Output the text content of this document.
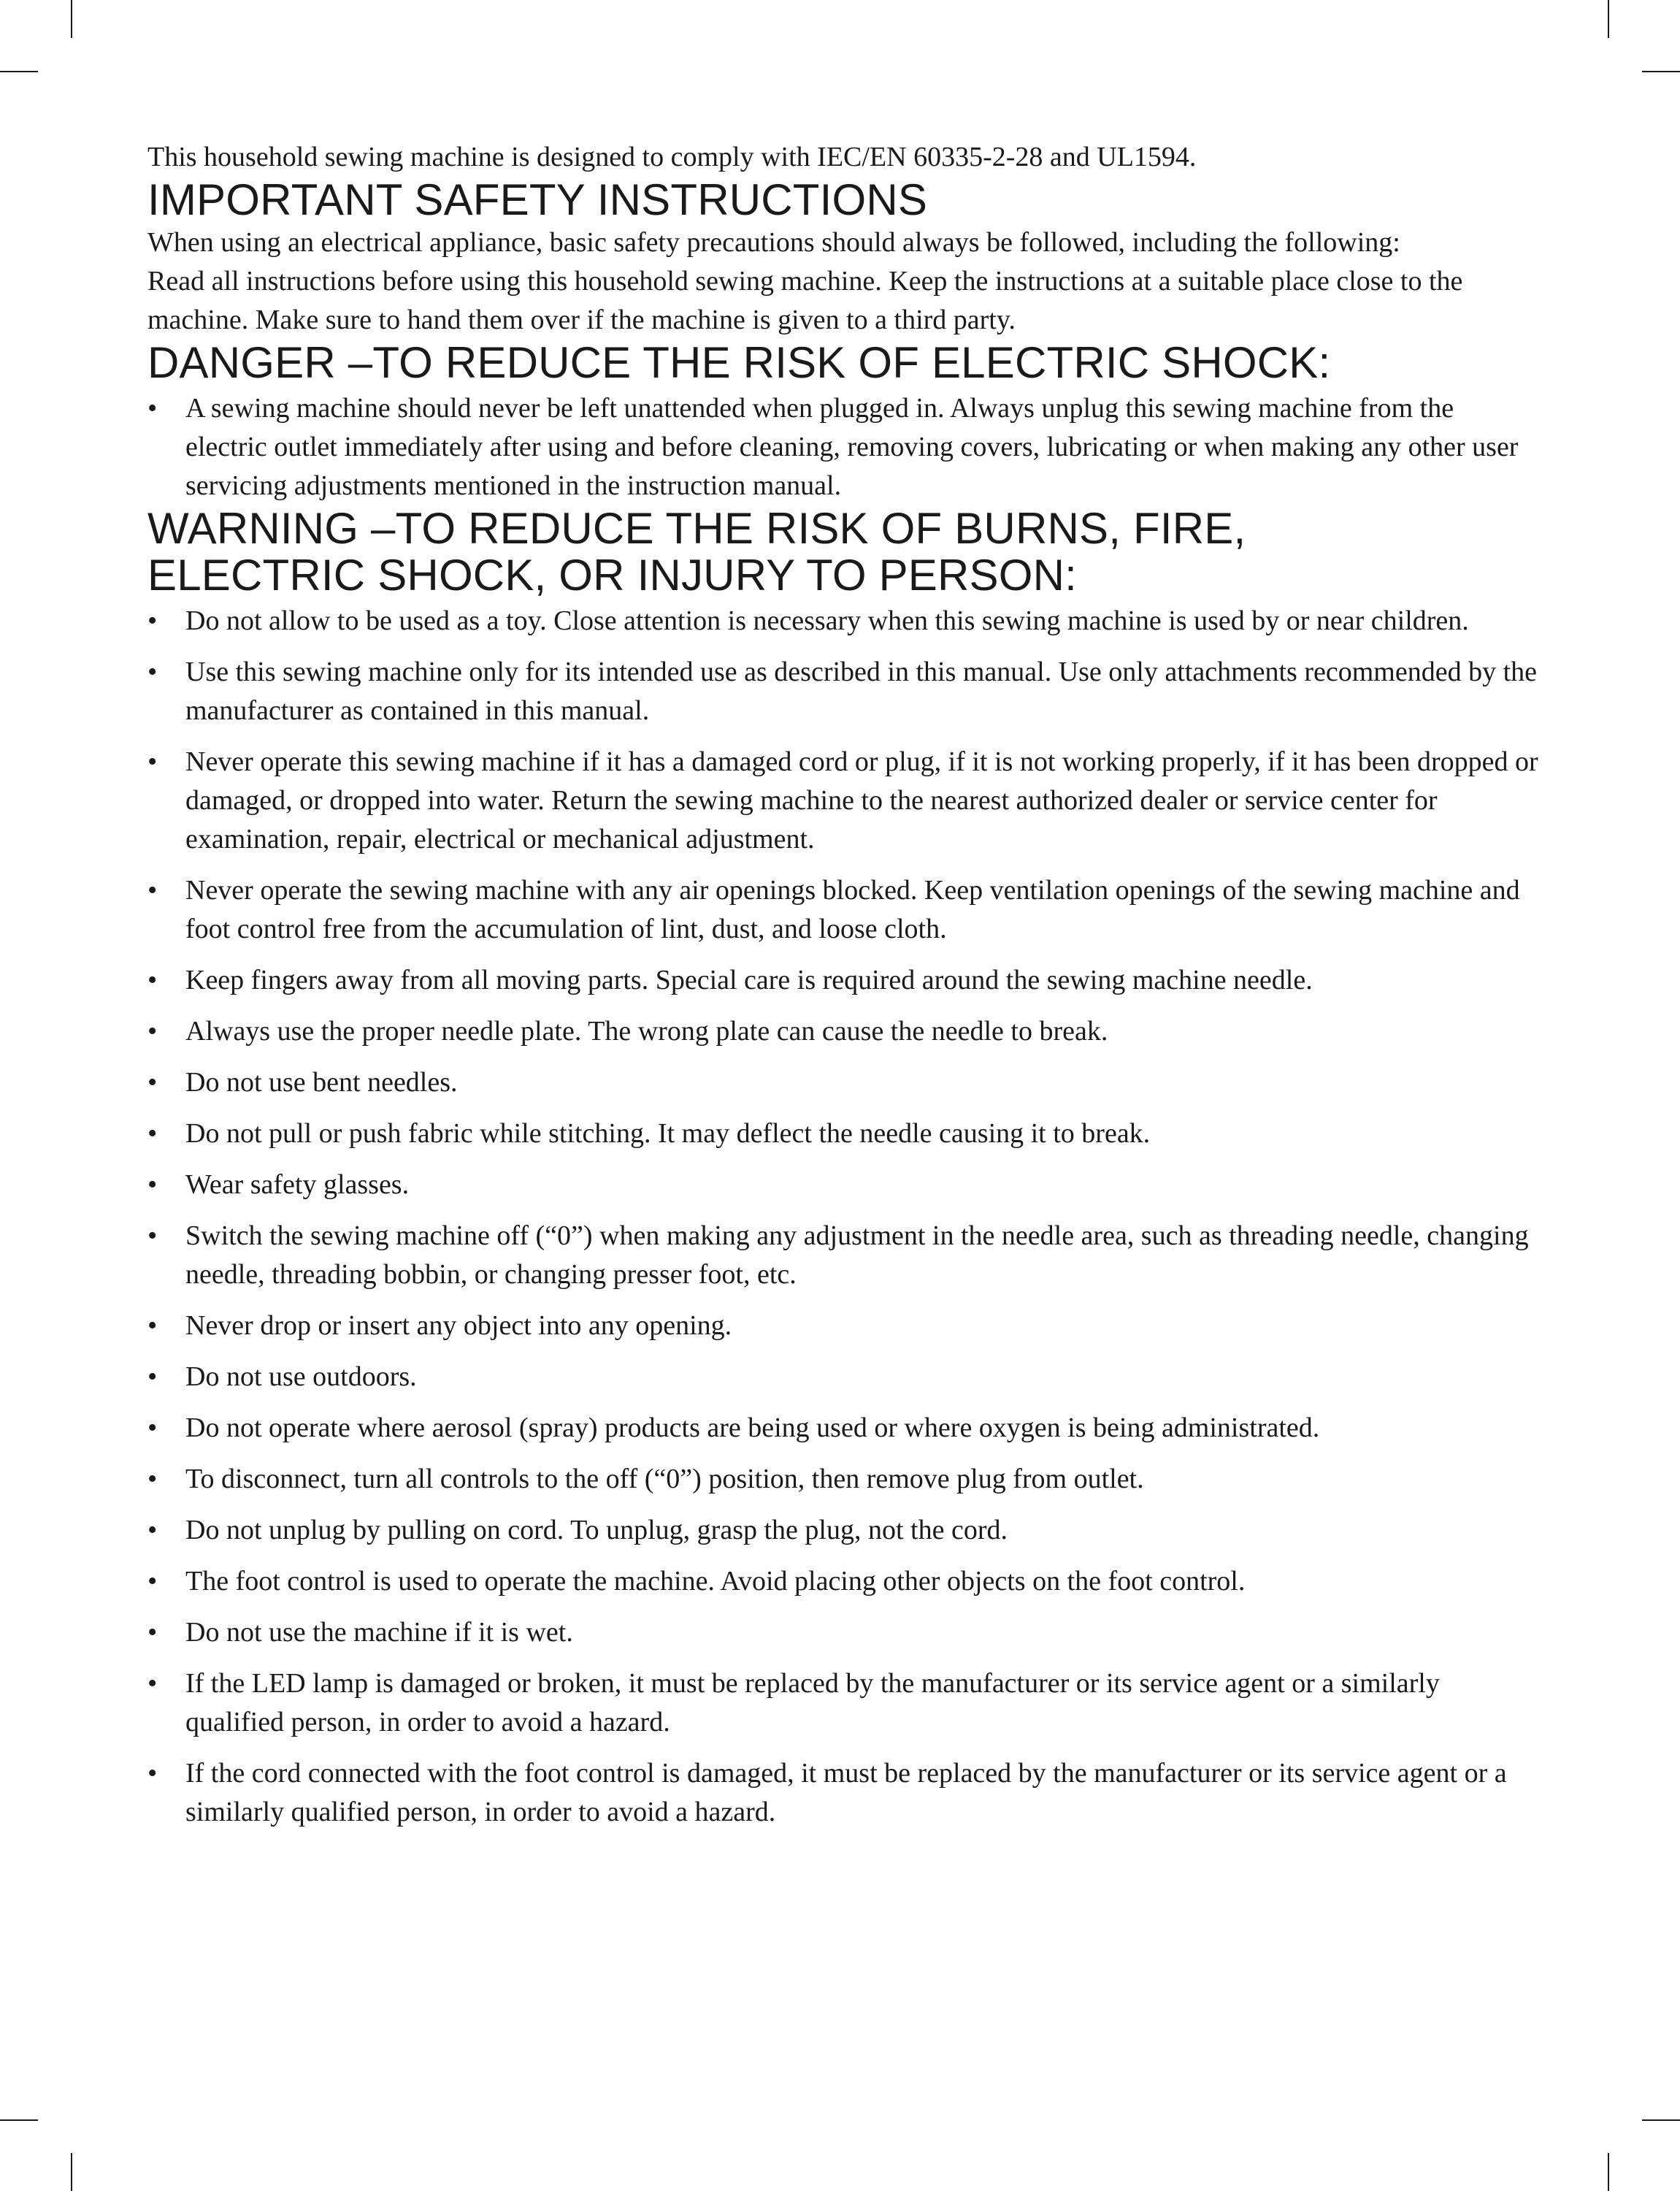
This household sewing machine is designed to comply with IEC/EN 60335-2-28 and UL1594.

IMPORTANT SAFETY INSTRUCTIONS

When using an electrical appliance, basic safety precautions should always be followed, including the following:

Read all instructions before using this household sewing machine. Keep the instructions at a suitable place close to the machine. Make sure to hand them over if the machine is given to a third party.

DANGER –TO REDUCE THE RISK OF ELECTRIC SHOCK:
•	A sewing machine should never be left unattended when plugged in. Always unplug this sewing machine from the electric outlet immediately after using and before cleaning, removing covers, lubricating or when making any other user servicing adjustments mentioned in the instruction manual.
WARNING –TO REDUCE THE RISK OF BURNS, FIRE,
ELECTRIC SHOCK, OR INJURY TO PERSON:
•	Do not allow to be used as a toy. Close attention is necessary when this sewing machine is used by or near children.
•	Use this sewing machine only for its intended use as described in this manual. Use only attachments recommended by the manufacturer as contained in this manual.
•	Never operate this sewing machine if it has a damaged cord or plug, if it is not working properly, if it has been dropped or damaged, or dropped into water. Return the sewing machine to the nearest authorized dealer or service center for examination, repair, electrical or mechanical adjustment.
•	Never operate the sewing machine with any air openings blocked. Keep ventilation openings of the sewing machine and foot control free from the accumulation of lint, dust, and loose cloth.
•	Keep fingers away from all moving parts. Special care is required around the sewing machine needle.
•	Always use the proper needle plate. The wrong plate can cause the needle to break.
•	Do not use bent needles.
•	Do not pull or push fabric while stitching. It may deflect the needle causing it to break.
•	Wear safety glasses.
•	Switch the sewing machine off (“0”) when making any adjustment in the needle area, such as threading needle, changing needle, threading bobbin, or changing presser foot, etc.
•	Never drop or insert any object into any opening.
•	Do not use outdoors.
•	Do not operate where aerosol (spray) products are being used or where oxygen is being administrated.
•	To disconnect, turn all controls to the off (“0”) position, then remove plug from outlet.
•	Do not unplug by pulling on cord. To unplug, grasp the plug, not the cord.
•	The foot control is used to operate the machine. Avoid placing other objects on the foot control.
•	Do not use the machine if it is wet.
•	If the LED lamp is damaged or broken, it must be replaced by the manufacturer or its service agent or a similarly qualified person, in order to avoid a hazard.
•	If the cord connected with the foot control is damaged, it must be replaced by the manufacturer or its service agent or a similarly qualified person, in order to avoid a hazard.
